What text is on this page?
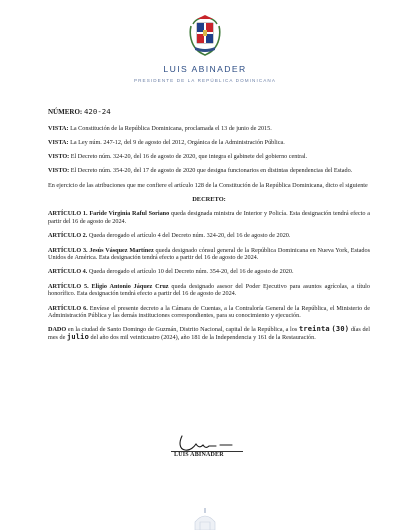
LUIS ABINADER
PRESIDENTE DE LA REPÚBLICA DOMINICANA
NÚMERO: 420-24

VISTA: La Constitución de la República Dominicana, proclamada el 13 de junio de 2015.

VISTA: La Ley núm. 247-12, del 9 de agosto del 2012, Orgánica de la Administración Pública.

VISTO: El Decreto núm. 324-20, del 16 de agosto de 2020, que integra el gabinete del gobierno central.

VISTO: El Decreto núm. 354-20, del 17 de agosto de 2020 que designa funcionarios en distintas dependencias del Estado.

En ejercicio de las atribuciones que me confiere el artículo 128 de la Constitución de la República Dominicana, dicto el siguiente

DECRETO:

ARTÍCULO 1. Faride Virginia Raful Soriano queda designada ministra de Interior y Policía. Esta designación tendrá efecto a partir del 16 de agosto de 2024.

ARTÍCULO 2. Queda derogado el artículo 4 del Decreto núm. 324-20, del 16 de agosto de 2020.

ARTÍCULO 3. Jesús Vásquez Martínez queda designado cónsul general de la República Dominicana en Nueva York, Estados Unidos de América. Esta designación tendrá efecto a partir del 16 de agosto de 2024.

ARTÍCULO 4. Queda derogado el artículo 10 del Decreto núm. 354-20, del 16 de agosto de 2020.

ARTÍCULO 5. Eligio Antonio Jáquez Cruz queda designado asesor del Poder Ejecutivo para asuntos agrícolas, a título honorífico. Esta designación tendrá efecto a partir del 16 de agosto de 2024.

ARTÍCULO 6. Envíese el presente decreto a la Cámara de Cuentas, a la Contraloría General de la República, el Ministerio de Administración Pública y las demás instituciones correspondientes, para su conocimiento y ejecución.

DADO en la ciudad de Santo Domingo de Guzmán, Distrito Nacional, capital de la República, a los treinta (30) días del mes de julio del año dos mil veinticuatro (2024), año 181 de la Independencia y 161 de la Restauración.

LUIS ABINADER
